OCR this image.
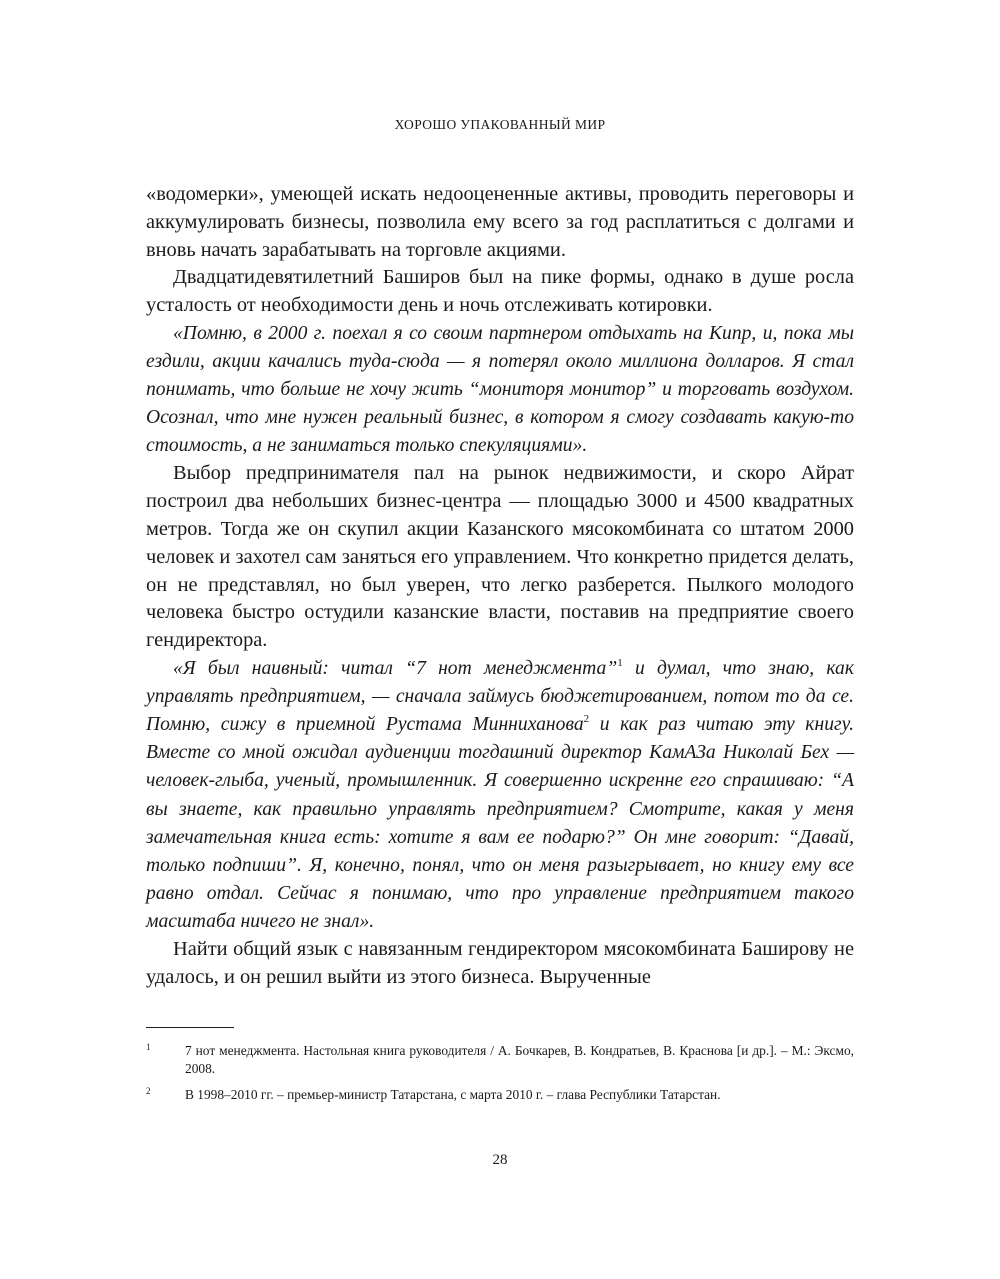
ХОРОШО УПАКОВАННЫЙ МИР

«водомерки», умеющей искать недооцененные активы, проводить переговоры и аккумулировать бизнесы, позволила ему всего за год расплатиться с долгами и вновь начать зарабатывать на торговле акциями.

Двадцатидевятилетний Баширов был на пике формы, однако в душе росла усталость от необходимости день и ночь отслеживать котировки.

«Помню, в 2000 г. поехал я со своим партнером отдыхать на Кипр, и, пока мы ездили, акции качались туда-сюда — я потерял около миллиона долларов. Я стал понимать, что больше не хочу жить “мониторя монитор” и торговать воздухом. Осознал, что мне нужен реальный бизнес, в котором я смогу создавать какую-то стоимость, а не заниматься только спекуляциями».

Выбор предпринимателя пал на рынок недвижимости, и скоро Айрат построил два небольших бизнес-центра — площадью 3000 и 4500 квадратных метров. Тогда же он скупил акции Казанского мясокомбината со штатом 2000 человек и захотел сам заняться его управлением. Что конкретно придется делать, он не представлял, но был уверен, что легко разберется. Пылкого молодого человека быстро остудили казанские власти, поставив на предприятие своего гендиректора.

«Я был наивный: читал “7 нот менеджмента”$^1$ и думал, что знаю, как управлять предприятием, — сначала займусь бюджетированием, потом то да се. Помню, сижу в приемной Рустама Минниханова$^2$ и как раз читаю эту книгу. Вместе со мной ожидал аудиенции тогдашний директор КамАЗа Николай Бех — человек-глыба, ученый, промышленник. Я совершенно искренне его спрашиваю: “А вы знаете, как правильно управлять предприятием? Смотрите, какая у меня замечательная книга есть: хотите я вам ее подарю?” Он мне говорит: “Давай, только подпиши”. Я, конечно, понял, что он меня разыгрывает, но книгу ему все равно отдал. Сейчас я понимаю, что про управление предприятием такого масштаба ничего не знал».

Найти общий язык с навязанным гендиректором мясокомбината Баширову не удалось, и он решил выйти из этого бизнеса. Вырученные

1	7 нот менеджмента. Настольная книга руководителя / А. Бочкарев, В. Кондратьев, В. Краснова [и др.]. – М.: Эксмо, 2008.
2	В 1998–2010 гг. – премьер-министр Татарстана, с марта 2010 г. – глава Республики Татарстан.
28
